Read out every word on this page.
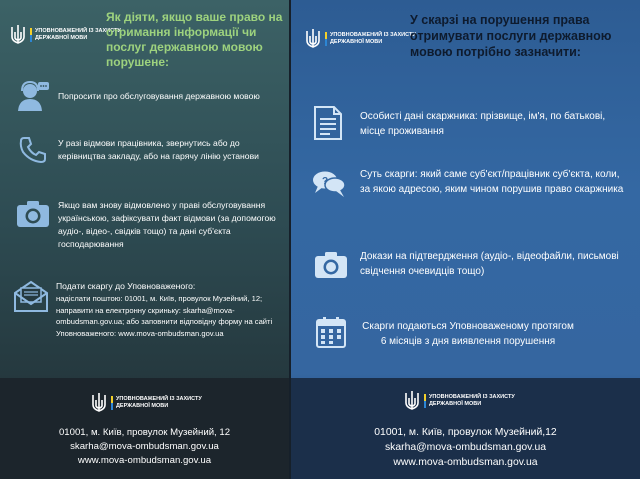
УПОВНОВАЖЕНИЙ ІЗ ЗАХИСТУ
ДЕРЖАВНОЇ МОВИ
Як діяти, якщо ваше право на отримання інформації чи послуг державною мовою порушене:
Попросити про обслуговування державною мовою
У разі відмови працівника, звернутись або до керівництва закладу, або на гарячу лінію установи
Якщо вам знову відмовлено у праві обслуговування українською, зафіксувати факт відмови (за допомогою аудіо-, відео-, свідків тощо) та дані суб'єкта господарювання
Подати скаргу до Уповноваженого:
надіслати поштою: 01001, м. Київ, провулок Музейний, 12; направити на електронну скриньку: skarha@mova-ombudsman.gov.ua; або заповнити відповідну форму на сайті Уповноваженого: www.mova-ombudsman.gov.ua
УПОВНОВАЖЕНИЙ ІЗ ЗАХИСТУ
ДЕРЖАВНОЇ МОВИ
У скарзі на порушення права отримувати послуги державною мовою потрібно зазначити:
Особисті дані скаржника: прізвище, ім'я, по батькові, місце проживання
?
Суть скарги: який саме суб'єкт/працівник суб'єкта, коли, за якою адресою, яким чином порушив право скаржника
Докази на підтвердження (аудіо-, відеофайли, письмові свідчення очевидців тощо)
Скарги подаються Уповноваженому протягом 6 місяців з дня виявлення порушення
УПОВНОВАЖЕНИЙ ІЗ ЗАХИСТУ
ДЕРЖАВНОЇ МОВИ
01001, м. Київ, провулок Музейний, 12
skarha@mova-ombudsman.gov.ua
www.mova-ombudsman.gov.ua
УПОВНОВАЖЕНИЙ ІЗ ЗАХИСТУ
ДЕРЖАВНОЇ МОВИ
01001, м. Київ, провулок Музейний,12
skarha@mova-ombudsman.gov.ua
www.mova-ombudsman.gov.ua
